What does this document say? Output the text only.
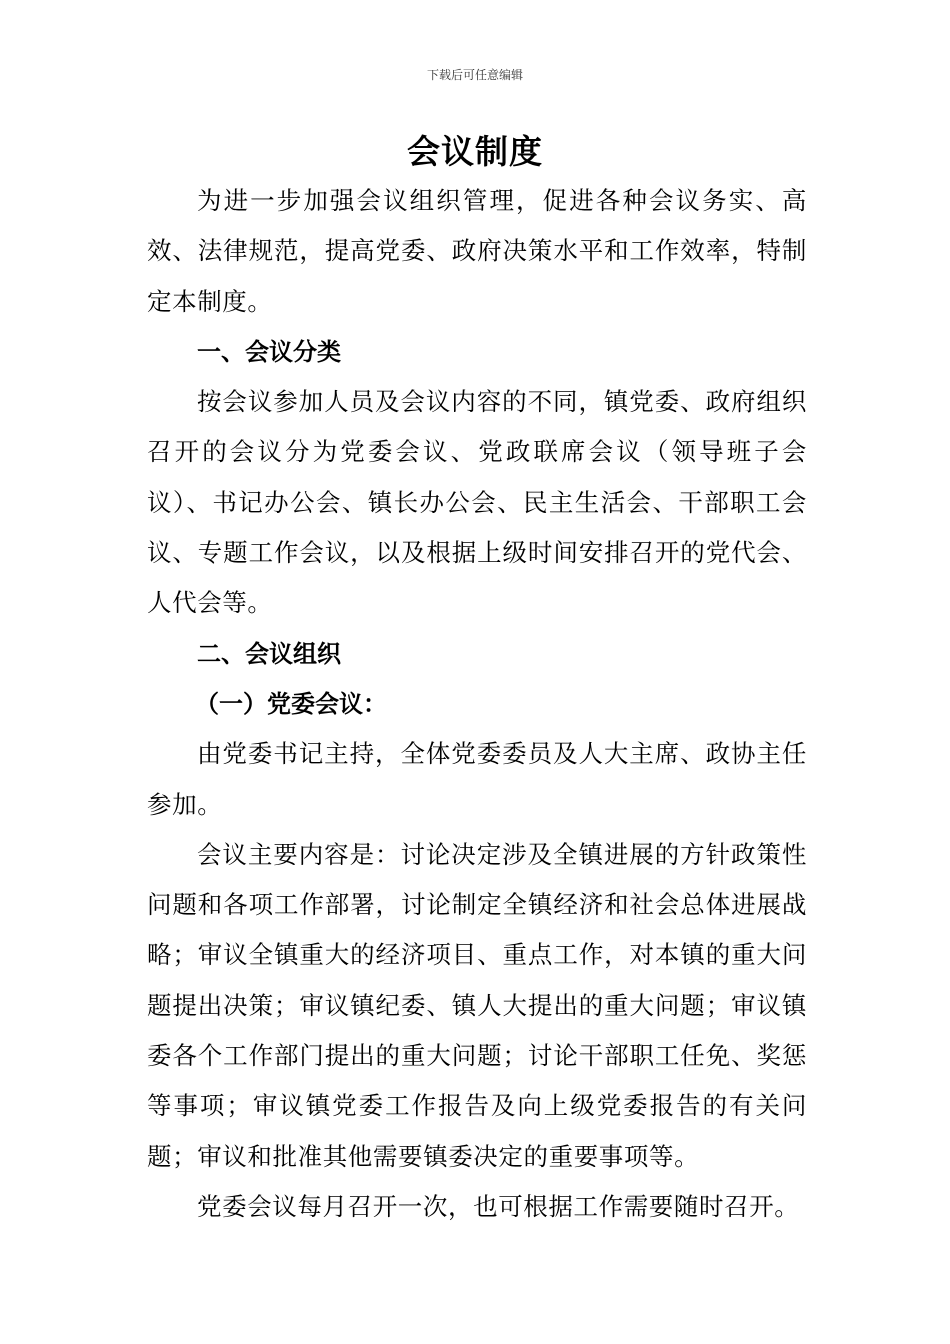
下载后可任意编辑
会议制度

为进一步加强会议组织管理，促进各种会议务实、高效、法律规范，提高党委、政府决策水平和工作效率，特制定本制度。

一、会议分类

按会议参加人员及会议内容的不同，镇党委、政府组织召开的会议分为党委会议、党政联席会议（领导班子会议）、书记办公会、镇长办公会、民主生活会、干部职工会议、专题工作会议，以及根据上级时间安排召开的党代会、人代会等。

二、会议组织

（一）党委会议：

由党委书记主持，全体党委委员及人大主席、政协主任参加。

会议主要内容是：讨论决定涉及全镇进展的方针政策性问题和各项工作部署，讨论制定全镇经济和社会总体进展战略；审议全镇重大的经济项目、重点工作，对本镇的重大问题提出决策；审议镇纪委、镇人大提出的重大问题；审议镇委各个工作部门提出的重大问题；讨论干部职工任免、奖惩等事项；审议镇党委工作报告及向上级党委报告的有关问题；审议和批准其他需要镇委决定的重要事项等。

党委会议每月召开一次，也可根据工作需要随时召开。
